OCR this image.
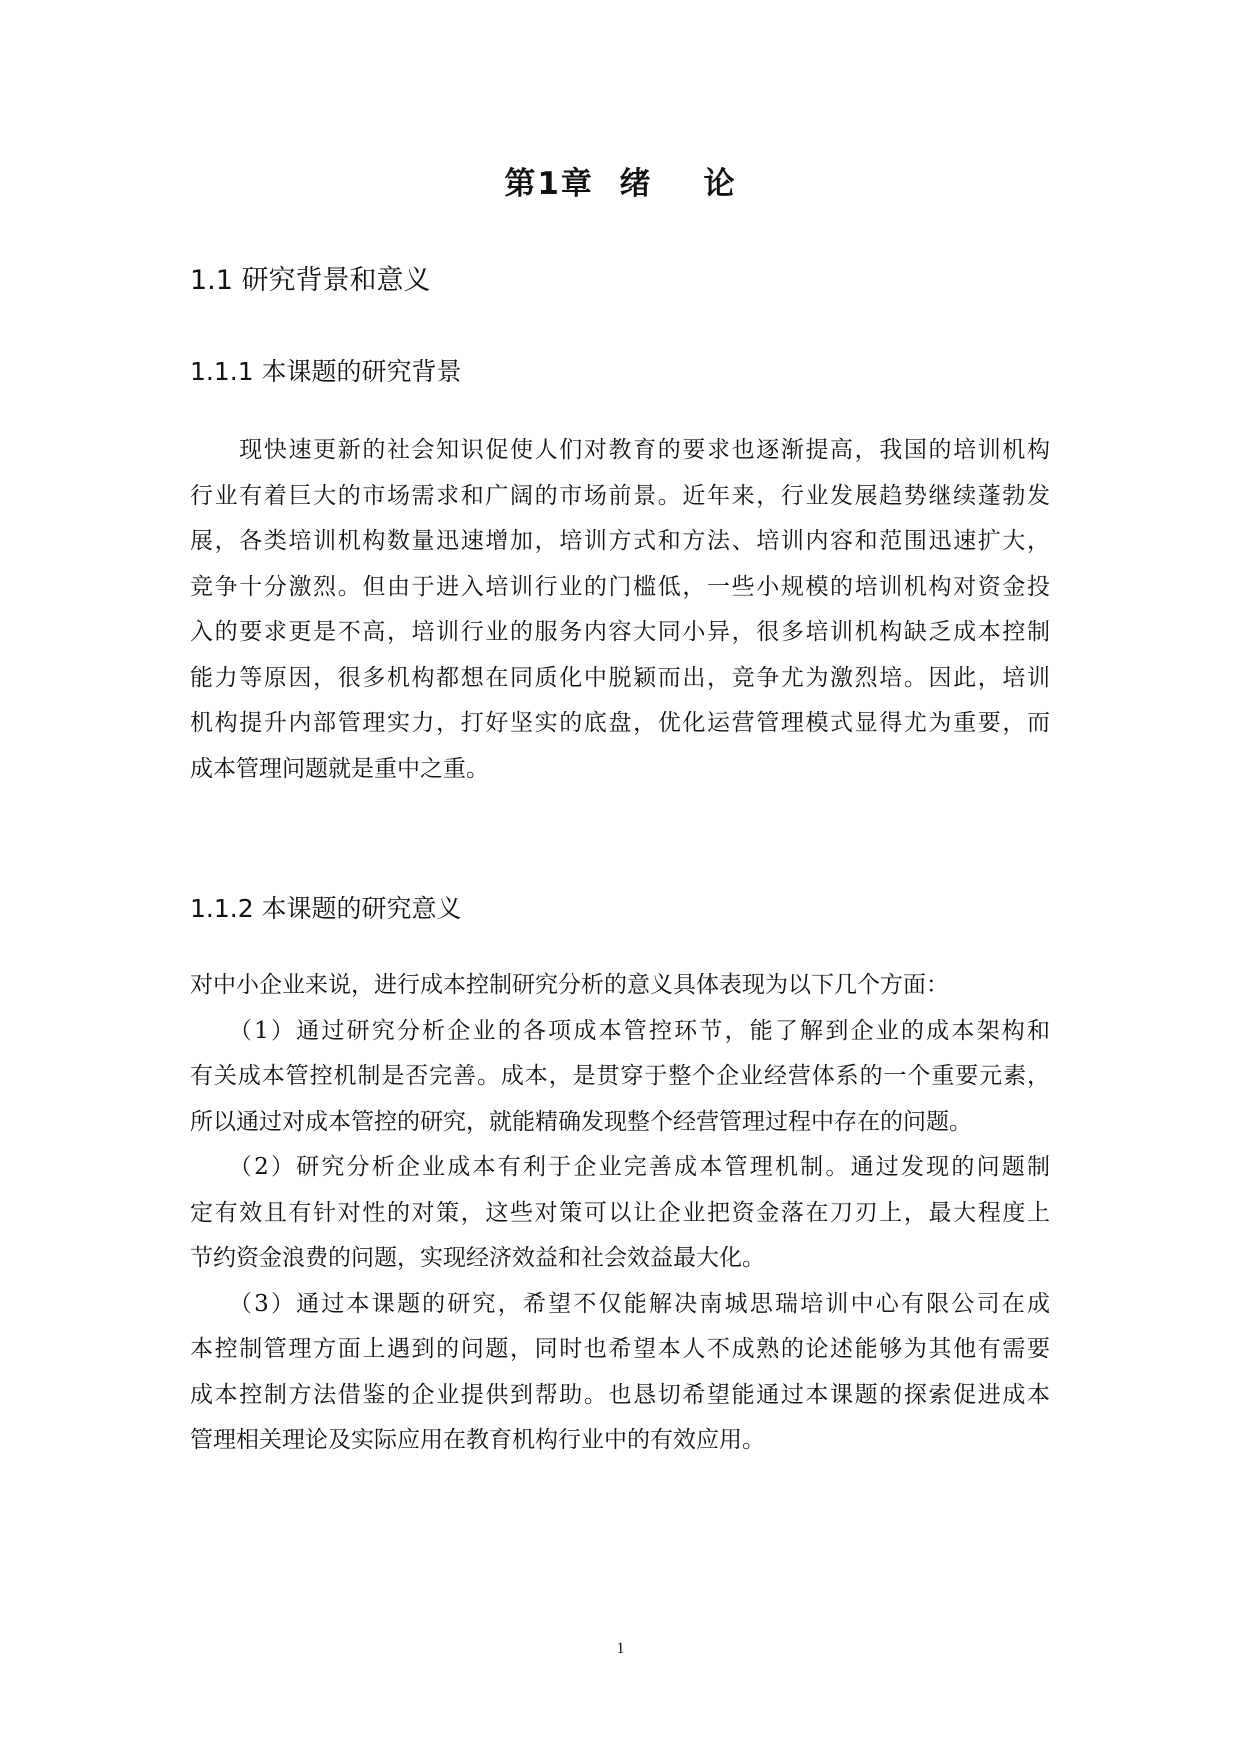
第1章  绪    论
1.1 研究背景和意义
1.1.1 本课题的研究背景
　　现快速更新的社会知识促使人们对教育的要求也逐渐提高，我国的培训机构
行业有着巨大的市场需求和广阔的市场前景。近年来，行业发展趋势继续蓬勃发
展，各类培训机构数量迅速增加，培训方式和方法、培训内容和范围迅速扩大，
竞争十分激烈。但由于进入培训行业的门槛低，一些小规模的培训机构对资金投
入的要求更是不高，培训行业的服务内容大同小异，很多培训机构缺乏成本控制
能力等原因，很多机构都想在同质化中脱颖而出，竞争尤为激烈培。因此，培训
机构提升内部管理实力，打好坚实的底盘，优化运营管理模式显得尤为重要，而
成本管理问题就是重中之重。
1.1.2 本课题的研究意义
对中小企业来说，进行成本控制研究分析的意义具体表现为以下几个方面：
　　（1）通过研究分析企业的各项成本管控环节，能了解到企业的成本架构和
有关成本管控机制是否完善。成本，是贯穿于整个企业经营体系的一个重要元素，
所以通过对成本管控的研究，就能精确发现整个经营管理过程中存在的问题。
　　（2）研究分析企业成本有利于企业完善成本管理机制。通过发现的问题制
定有效且有针对性的对策，这些对策可以让企业把资金落在刀刃上，最大程度上
节约资金浪费的问题，实现经济效益和社会效益最大化。
　　（3）通过本课题的研究，希望不仅能解决南城思瑞培训中心有限公司在成
本控制管理方面上遇到的问题，同时也希望本人不成熟的论述能够为其他有需要
成本控制方法借鉴的企业提供到帮助。也恳切希望能通过本课题的探索促进成本
管理相关理论及实际应用在教育机构行业中的有效应用。
1
